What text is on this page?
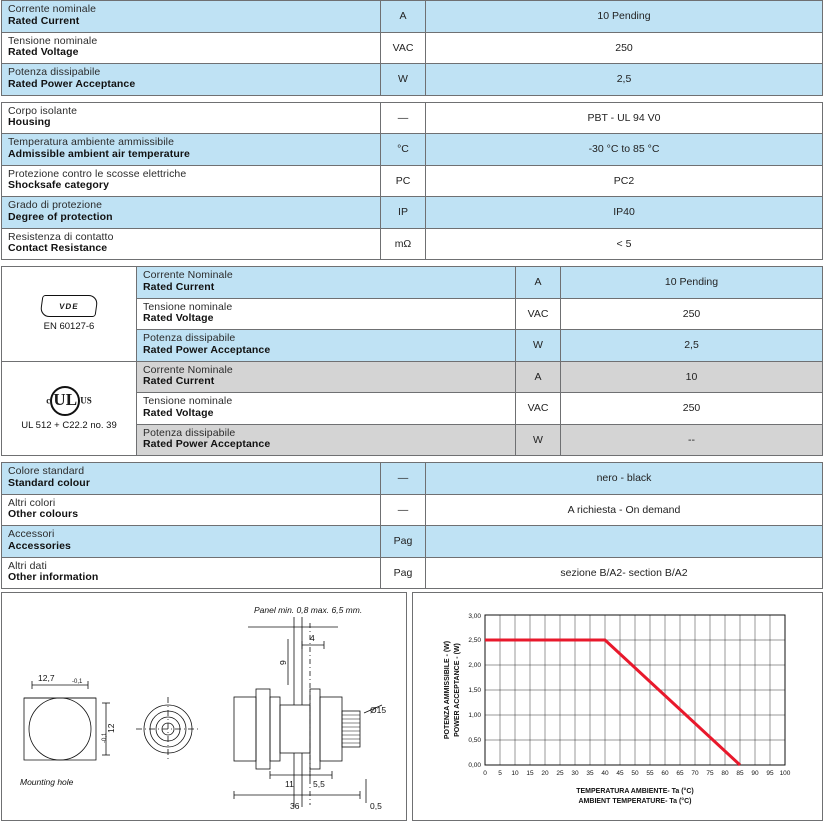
Corrente nominale
Rated Current	A	10 Pending

Tensione nominale
Rated Voltage	VAC	250

Potenza dissipabile
Rated Power Acceptance	W	2,5
Corpo isolante
Housing	—	PBT - UL 94 V0

Temperatura ambiente ammissibile
Admissible ambient air temperature	°C	-30 °C to 85 °C

Protezione contro le scosse elettriche
Shocksafe category	PC	PC2

Grado di protezione
Degree of protection	IP	IP40

Resistenza di contatto
Contact Resistance	mΩ	< 5
VDE
EN 60127-6

Corrente Nominale
Rated Current	A	10 Pending

	Tensione nominale
Rated Voltage	VAC	250

	Potenza dissipabile
Rated Power Acceptance	W	2,5

c UL US
UL 512 + C22.2 no. 39

Corrente Nominale
Rated Current	A	10

	Tensione nominale
Rated Voltage	VAC	250

	Potenza dissipabile
Rated Power Acceptance	W	--
Colore standard
Standard colour	—	nero - black

Altri colori
Other colours	—	A richiesta - On demand

Accessori
Accessories	Pag	

Altri dati
Other information	Pag	sezione B/A2- section B/A2
12,7	-0,1
12
-0,1
Mounting hole
Panel min. 0,8 max. 6,5 mm.
9
4
Ø15
11 5,5
36	0,5
0,00
0,50
1,00
1,50
2,00
2,50
3,00
0 5 10 15 20 25 30 35 40 45 50 55 60 65 70 75 80 85 90 95 100
TEMPERATURA AMBIENTE- Ta (°C)
AMBIENT TEMPERATURE- Ta (°C)
POTENZA AMMISSIBILE - (W) POWER ACCEPTANCE - (W)
